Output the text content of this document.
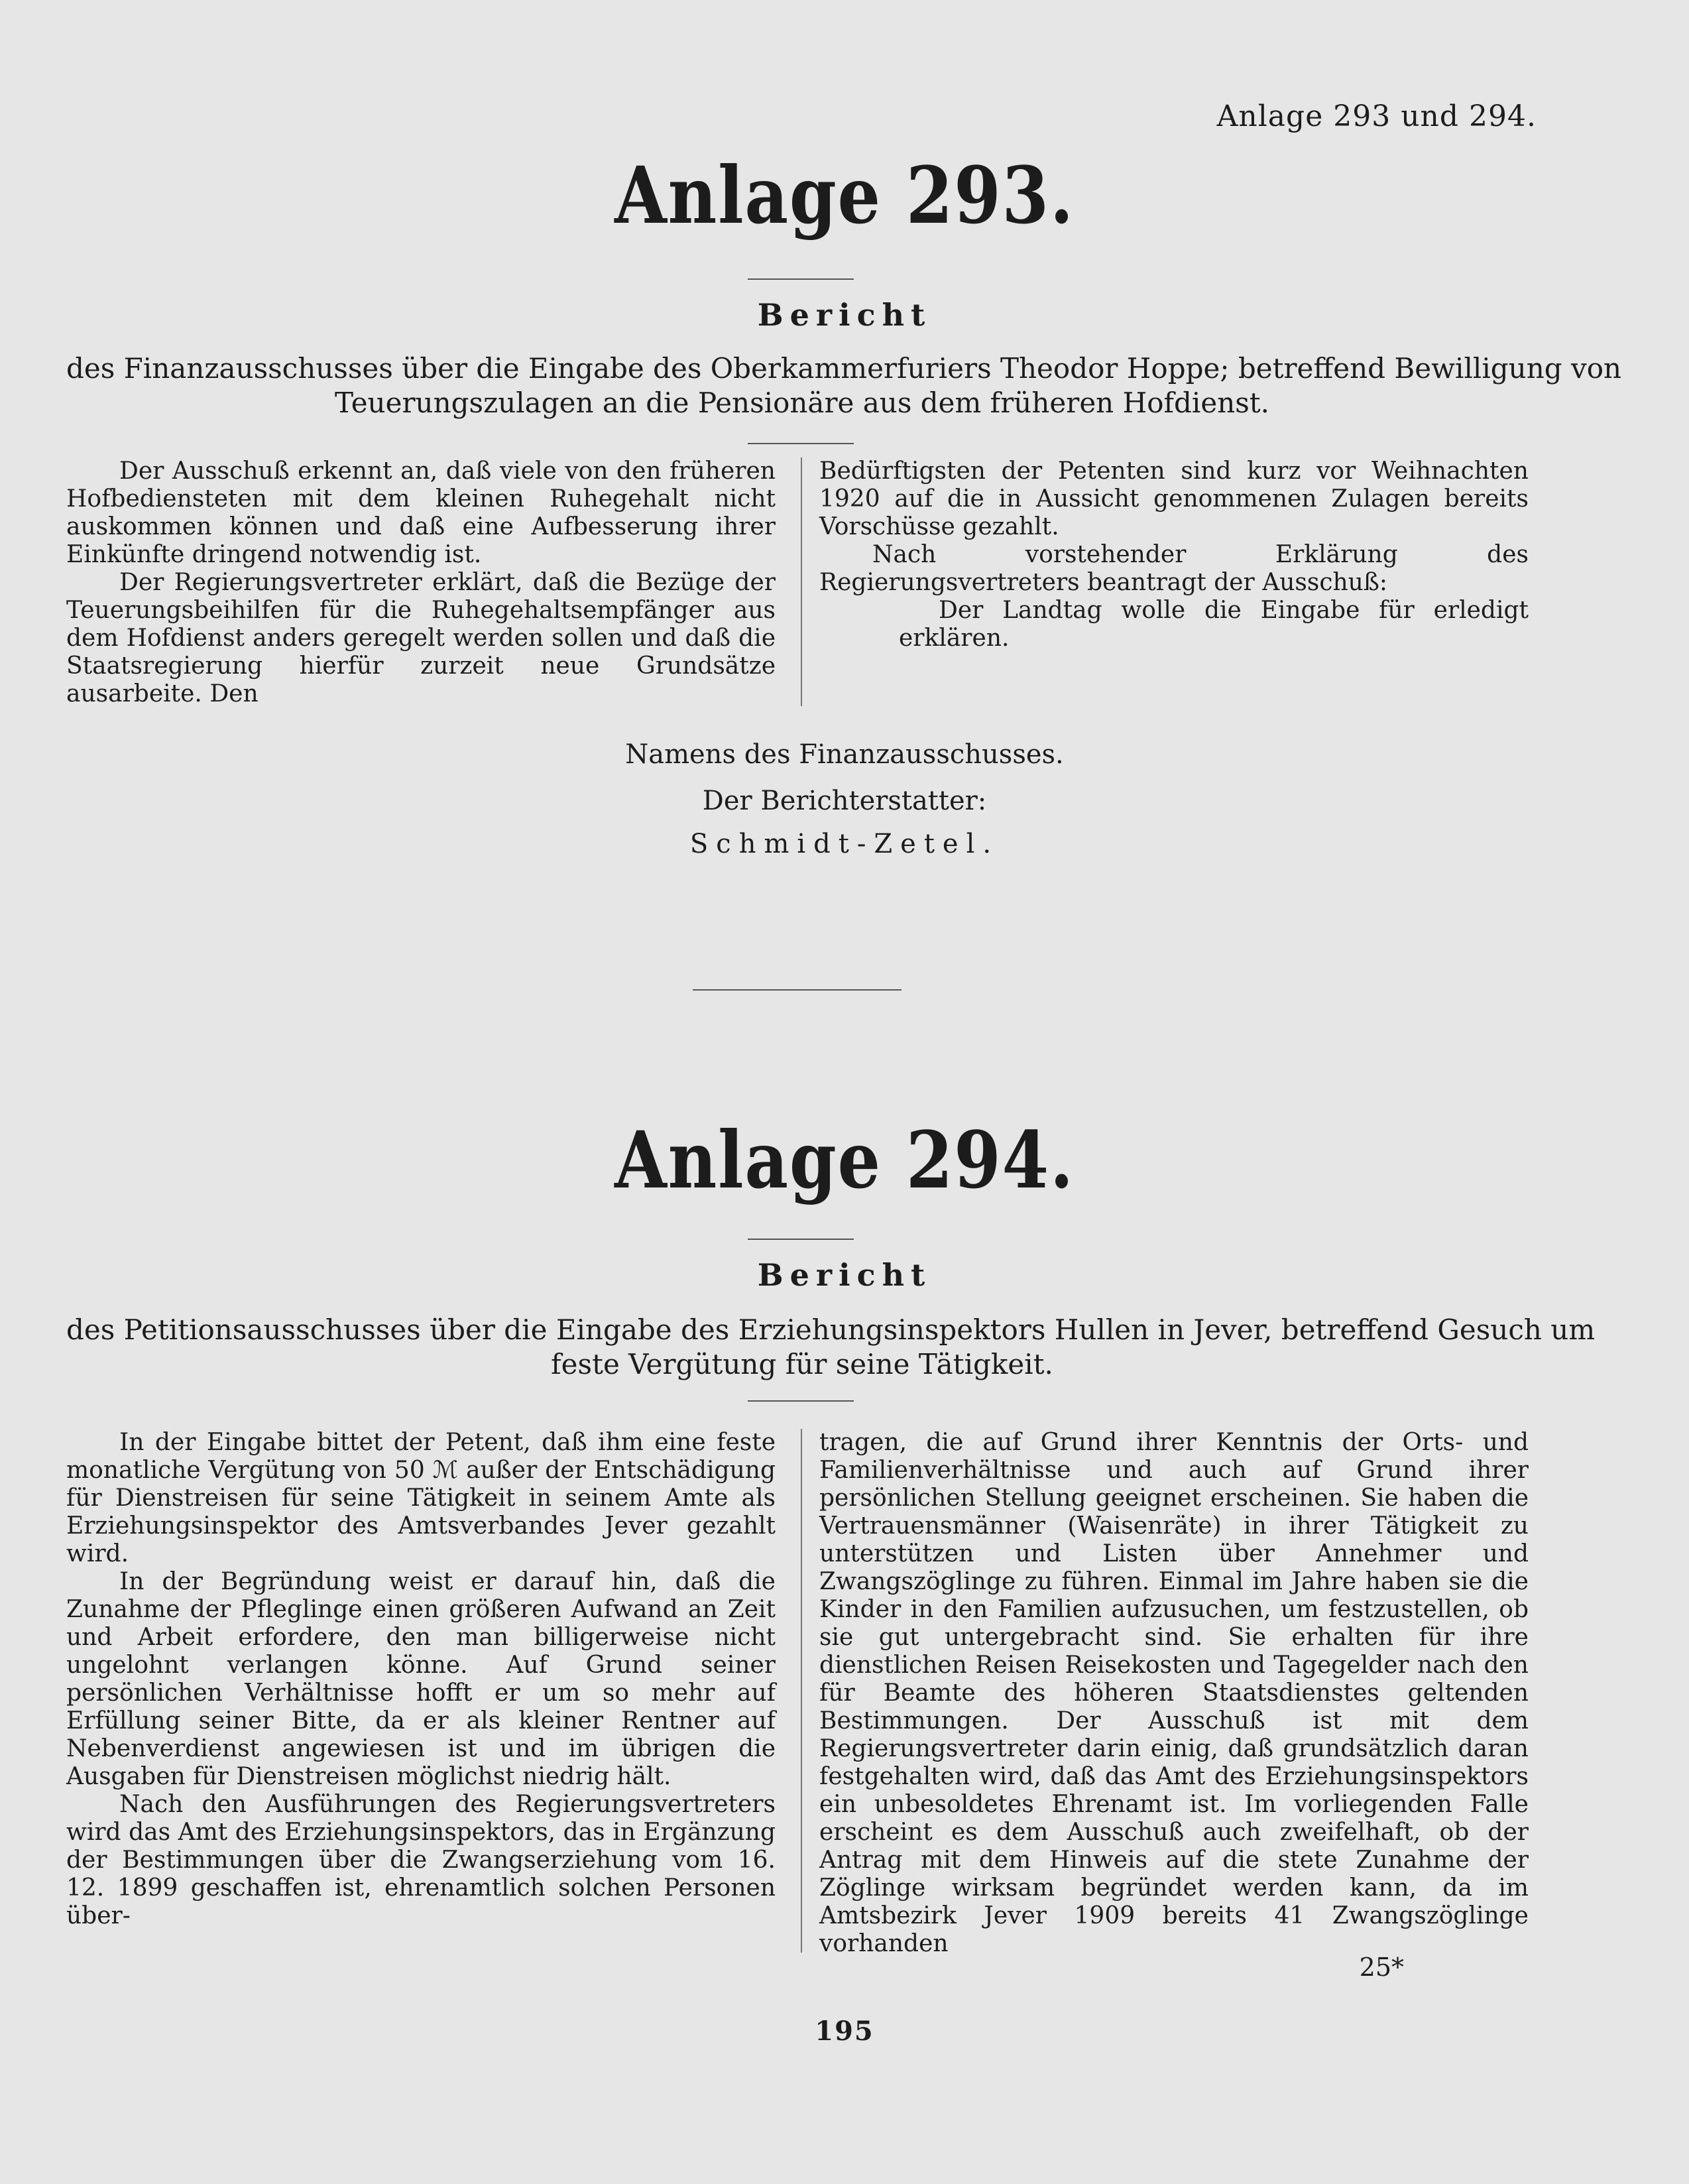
Anlage 293 und 294.
Anlage 293.
Bericht
des Finanzausschusses über die Eingabe des Oberkammerfuriers Theodor Hoppe; betreffend Bewilligung von
Teuerungszulagen an die Pensionäre aus dem früheren Hofdienst.

Der Ausschuß erkennt an, daß viele von den früheren Hofbediensteten mit dem kleinen Ruhegehalt nicht auskommen können und daß eine Aufbesserung ihrer Einkünfte dringend notwendig ist.

Der Regierungsvertreter erklärt, daß die Bezüge der Teuerungsbeihilfen für die Ruhegehaltsempfänger aus dem Hofdienst anders geregelt werden sollen und daß die Staatsregierung hierfür zurzeit neue Grundsätze ausarbeite. Den

Bedürftigsten der Petenten sind kurz vor Weihnachten 1920 auf die in Aussicht genommenen Zulagen bereits Vorschüsse gezahlt.

Nach vorstehender Erklärung des Regierungsvertreters beantragt der Ausschuß:

Der Landtag wolle die Eingabe für erledigt erklären.

Namens des Finanzausschusses.
Der Berichterstatter:
Schmidt-Zetel.
Anlage 294.
Bericht
des Petitionsausschusses über die Eingabe des Erziehungsinspektors Hullen in Jever, betreffend Gesuch um
feste Vergütung für seine Tätigkeit.

In der Eingabe bittet der Petent, daß ihm eine feste monatliche Vergütung von 50 ℳ außer der Entschädigung für Dienstreisen für seine Tätigkeit in seinem Amte als Erziehungsinspektor des Amtsverbandes Jever gezahlt wird.

In der Begründung weist er darauf hin, daß die Zunahme der Pfleglinge einen größeren Aufwand an Zeit und Arbeit erfordere, den man billigerweise nicht ungelohnt verlangen könne. Auf Grund seiner persönlichen Verhältnisse hofft er um so mehr auf Erfüllung seiner Bitte, da er als kleiner Rentner auf Nebenverdienst angewiesen ist und im übrigen die Ausgaben für Dienstreisen möglichst niedrig hält.

Nach den Ausführungen des Regierungsvertreters wird das Amt des Erziehungsinspektors, das in Ergänzung der Bestimmungen über die Zwangserziehung vom 16. 12. 1899 geschaffen ist, ehrenamtlich solchen Personen über-

tragen, die auf Grund ihrer Kenntnis der Orts- und Familienverhältnisse und auch auf Grund ihrer persönlichen Stellung geeignet erscheinen. Sie haben die Vertrauensmänner (Waisenräte) in ihrer Tätigkeit zu unterstützen und Listen über Annehmer und Zwangszöglinge zu führen. Einmal im Jahre haben sie die Kinder in den Familien aufzusuchen, um festzustellen, ob sie gut untergebracht sind. Sie erhalten für ihre dienstlichen Reisen Reisekosten und Tagegelder nach den für Beamte des höheren Staatsdienstes geltenden Bestimmungen. Der Ausschuß ist mit dem Regierungsvertreter darin einig, daß grundsätzlich daran festgehalten wird, daß das Amt des Erziehungsinspektors ein unbesoldetes Ehrenamt ist. Im vorliegenden Falle erscheint es dem Ausschuß auch zweifelhaft, ob der Antrag mit dem Hinweis auf die stete Zunahme der Zöglinge wirksam begründet werden kann, da im Amtsbezirk Jever 1909 bereits 41 Zwangszöglinge vorhanden

25*
195
